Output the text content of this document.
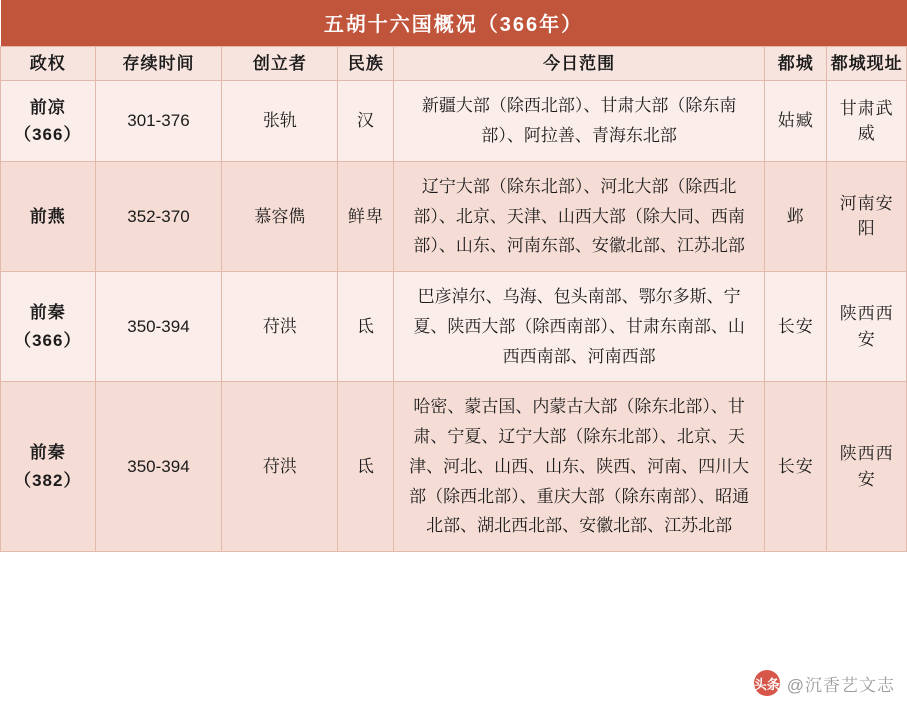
五胡十六国概况（366年）						
政权	存续时间	创立者	民族	今日范围	都城	都城现址
前凉（366）	301-376	张轨	汉	新疆大部（除西北部）、甘肃大部（除东南部）、阿拉善、青海东北部	姑臧	甘肃武威
前燕	352-370	慕容儁	鲜卑	辽宁大部（除东北部）、河北大部（除西北部）、北京、天津、山西大部（除大同、西南部）、山东、河南东部、安徽北部、江苏北部	邺	河南安阳
前秦（366）	350-394	苻洪	氐	巴彦淖尔、乌海、包头南部、鄂尔多斯、宁夏、陕西大部（除西南部）、甘肃东南部、山西西南部、河南西部	长安	陕西西安
前秦（382）	350-394	苻洪	氐	哈密、蒙古国、内蒙古大部（除东北部）、甘肃、宁夏、辽宁大部（除东北部）、北京、天津、河北、山西、山东、陕西、河南、四川大部（除西北部）、重庆大部（除东南部）、昭通北部、湖北西北部、安徽北部、江苏北部	长安	陕西西安
头条 @沉香艺文志
